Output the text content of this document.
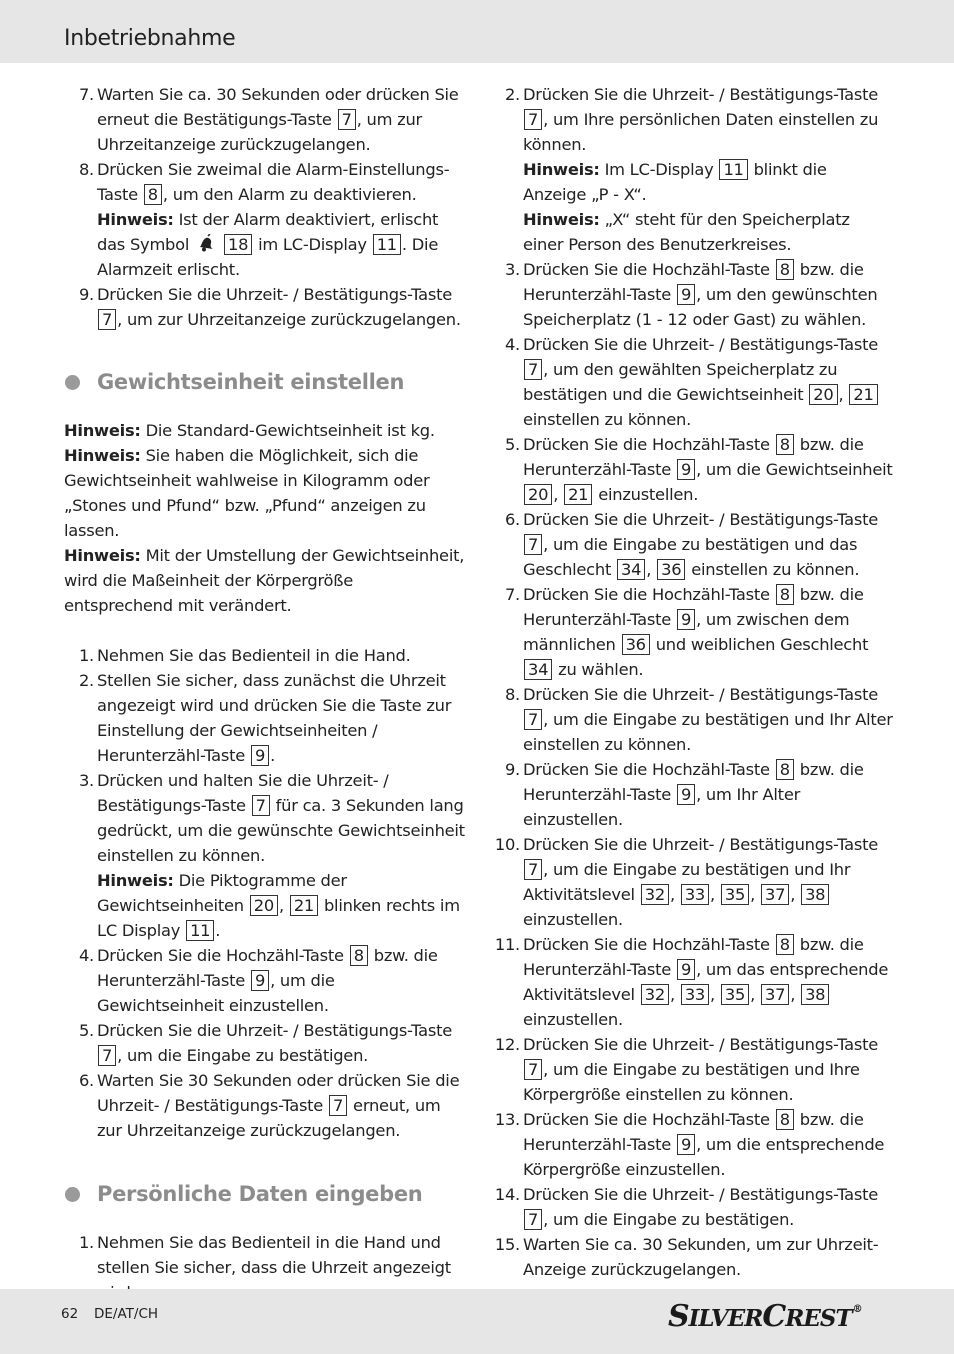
Inbetriebnahme
7. Warten Sie ca. 30 Sekunden oder drücken Sie erneut die Bestätigungs-Taste 7 , um zur Uhrzeitanzeige zurückzugelangen.
8. Drücken Sie zweimal die Alarm-Einstellungs-Taste 8 , um den Alarm zu deaktivieren.
Hinweis: Ist der Alarm deaktiviert, erlischt das Symbol  18 im LC-Display 11 . Die Alarmzeit erlischt.
9. Drücken Sie die Uhrzeit- / Bestätigungs-Taste 7 , um zur Uhrzeitanzeige zurückzugelangen.
Gewichtseinheit einstellen
Hinweis: Die Standard-Gewichtseinheit ist kg.
Hinweis: Sie haben die Möglichkeit, sich die Gewichtseinheit wahlweise in Kilogramm oder „Stones und Pfund“ bzw. „Pfund“ anzeigen zu lassen.
Hinweis: Mit der Umstellung der Gewichtseinheit, wird die Maßeinheit der Körpergröße entsprechend mit verändert.
1. Nehmen Sie das Bedienteil in die Hand.
2. Stellen Sie sicher, dass zunächst die Uhrzeit angezeigt wird und drücken Sie die Taste zur Einstellung der Gewichtseinheiten / Herunterzähl-Taste 9 .
3. Drücken und halten Sie die Uhrzeit- / Bestätigungs-Taste 7 für ca. 3 Sekunden lang gedrückt, um die gewünschte Gewichtseinheit einstellen zu können.
Hinweis: Die Piktogramme der Gewichtseinheiten 20 , 21 blinken rechts im LC Display 11 .
4. Drücken Sie die Hochzähl-Taste 8 bzw. die Herunterzähl-Taste 9 , um die Gewichtseinheit einzustellen.
5. Drücken Sie die Uhrzeit- / Bestätigungs-Taste 7 , um die Eingabe zu bestätigen.
6. Warten Sie 30 Sekunden oder drücken Sie die Uhrzeit- / Bestätigungs-Taste 7 erneut, um zur Uhrzeitanzeige zurückzugelangen.
Persönliche Daten eingeben
1. Nehmen Sie das Bedienteil in die Hand und stellen Sie sicher, dass die Uhrzeit angezeigt
2. Drücken Sie die Uhrzeit- / Bestätigungs-Taste 7 , um Ihre persönlichen Daten einstellen zu können.
Hinweis: Im LC-Display 11 blinkt die Anzeige „P - X“.
Hinweis: „X“ steht für den Speicherplatz einer Person des Benutzerkreises.
3. Drücken Sie die Hochzähl-Taste 8 bzw. die Herunterzähl-Taste 9 , um den gewünschten Speicherplatz (1 - 12 oder Gast) zu wählen.
4. Drücken Sie die Uhrzeit- / Bestätigungs-Taste 7 , um den gewählten Speicherplatz zu bestätigen und die Gewichtseinheit 20 , 21 einstellen zu können.
5. Drücken Sie die Hochzähl-Taste 8 bzw. die Herunterzähl-Taste 9 , um die Gewichtseinheit 20 , 21 einzustellen.
6. Drücken Sie die Uhrzeit- / Bestätigungs-Taste 7 , um die Eingabe zu bestätigen und das Geschlecht 34 , 36 einstellen zu können.
7. Drücken Sie die Hochzähl-Taste 8 bzw. die Herunterzähl-Taste 9 , um zwischen dem männlichen 36 und weiblichen Geschlecht 34 zu wählen.
8. Drücken Sie die Uhrzeit- / Bestätigungs-Taste 7 , um die Eingabe zu bestätigen und Ihr Alter einstellen zu können.
9. Drücken Sie die Hochzähl-Taste 8 bzw. die Herunterzähl-Taste 9 , um Ihr Alter einzustellen.
10. Drücken Sie die Uhrzeit- / Bestätigungs-Taste 7 , um die Eingabe zu bestätigen und Ihr Aktivitätslevel 32 , 33 , 35 , 37 , 38 einzustellen.
11. Drücken Sie die Hochzähl-Taste 8 bzw. die Herunterzähl-Taste 9 , um das entsprechende Aktivitätslevel 32 , 33 , 35 , 37 , 38 einzustellen.
12. Drücken Sie die Uhrzeit- / Bestätigungs-Taste 7 , um die Eingabe zu bestätigen und Ihre Körpergröße einstellen zu können.
13. Drücken Sie die Hochzähl-Taste 8 bzw. die Herunterzähl-Taste 9 , um die entsprechende Körpergröße einzustellen.
14. Drücken Sie die Uhrzeit- / Bestätigungs-Taste 7 , um die Eingabe zu bestätigen.
15. Warten Sie ca. 30 Sekunden, um zur Uhrzeit-Anzeige zurückzugelangen.
62 DE/AT/CH	SILVERCREST®
